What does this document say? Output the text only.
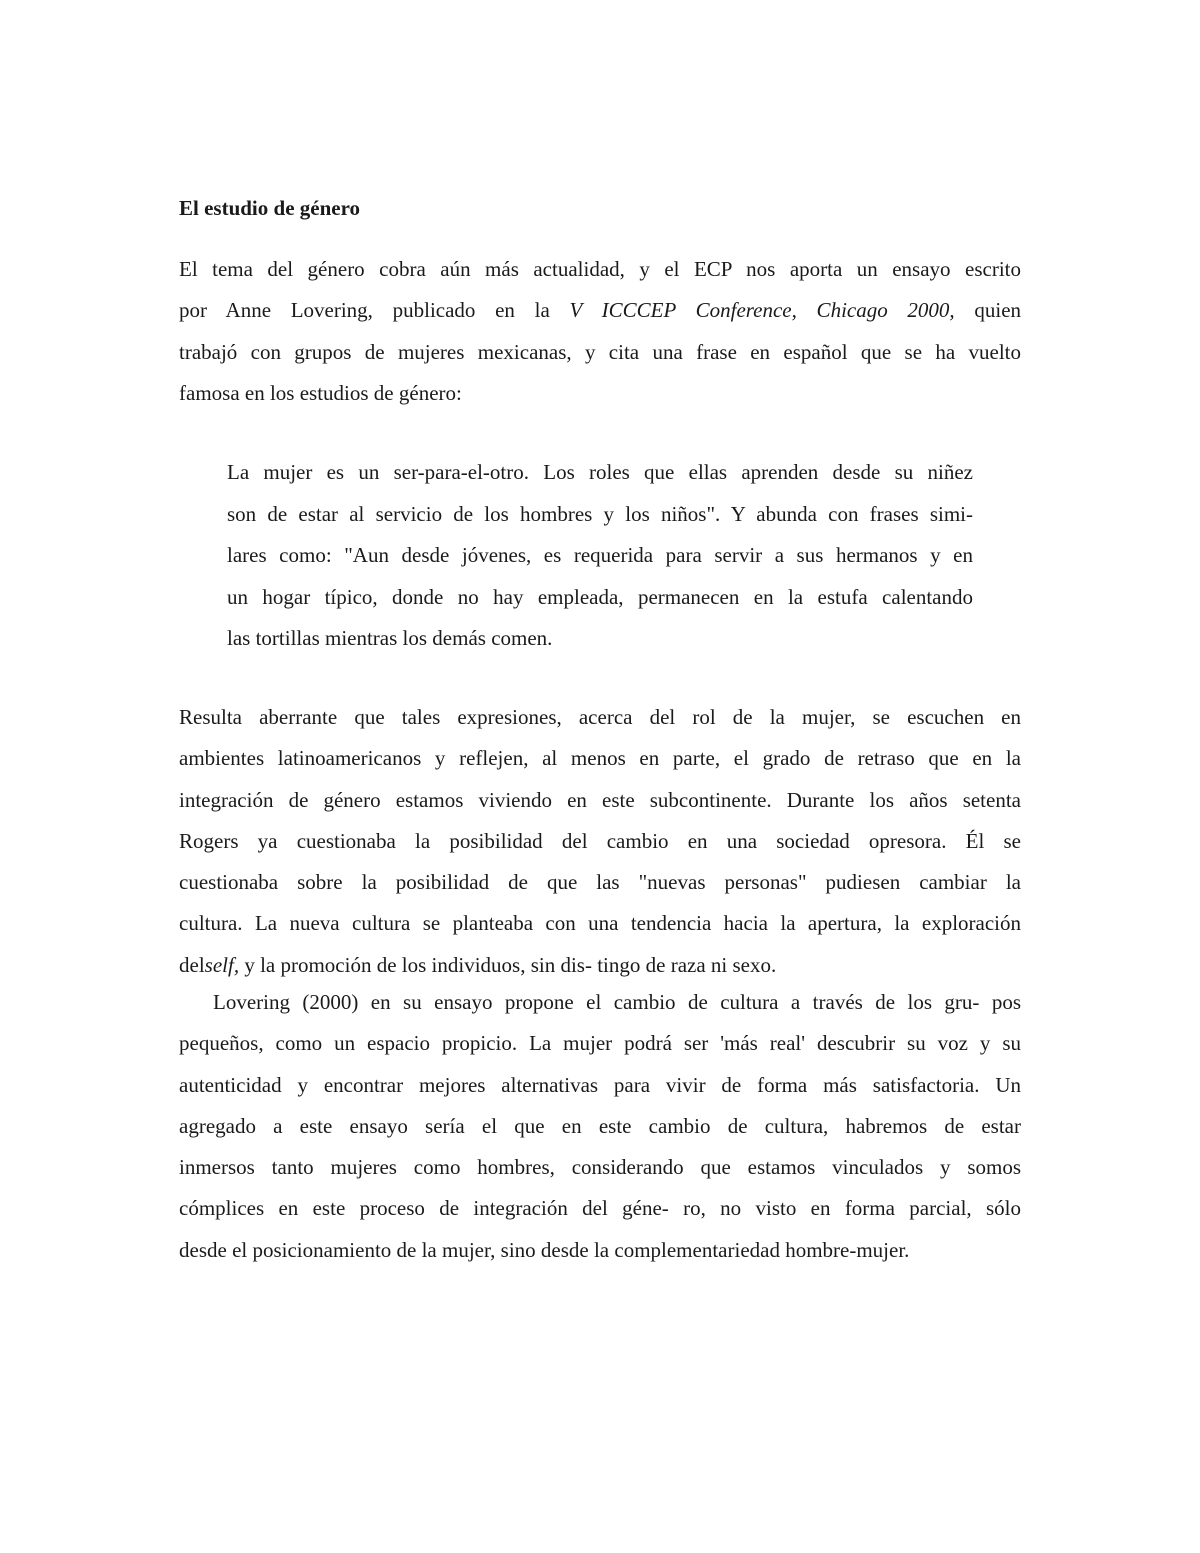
El estudio de género
El tema del género cobra aún más actualidad, y el ECP nos aporta un ensayo escrito
por Anne Lovering, publicado en la V ICCCEP Conference, Chicago 2000, quien
trabajó con grupos de mujeres mexicanas, y cita una frase en español que se ha vuelto
famosa en los estudios de género:
La mujer es un ser-para-el-otro. Los roles que ellas aprenden desde su niñez
son de estar al servicio de los hombres y los niños". Y abunda con frases simi-
lares como: "Aun desde jóvenes, es requerida para servir a sus hermanos y en
un hogar típico, donde no hay empleada, permanecen en la estufa calentando
las tortillas mientras los demás comen.
Resulta aberrante que tales expresiones, acerca del rol de la mujer, se escuchen en
ambientes latinoamericanos y reflejen, al menos en parte, el grado de retraso que en la
integración de género estamos viviendo en este subcontinente. Durante los años setenta
Rogers ya cuestionaba la posibilidad del cambio en una sociedad opresora. Él se
cuestionaba sobre la posibilidad de que las "nuevas personas" pudiesen cambiar la
cultura. La nueva cultura se planteaba con una tendencia hacia la apertura, la exploración
delself, y la promoción de los individuos, sin dis- tingo de raza ni sexo.
Lovering (2000) en su ensayo propone el cambio de cultura a través de los gru- pos
pequeños, como un espacio propicio. La mujer podrá ser 'más real' descubrir su voz y su
autenticidad y encontrar mejores alternativas para vivir de forma más satisfactoria. Un
agregado a este ensayo sería el que en este cambio de cultura, habremos de estar
inmersos tanto mujeres como hombres, considerando que estamos vinculados y somos
cómplices en este proceso de integración del géne- ro, no visto en forma parcial, sólo
desde el posicionamiento de la mujer, sino desde la complementariedad hombre-mujer.
